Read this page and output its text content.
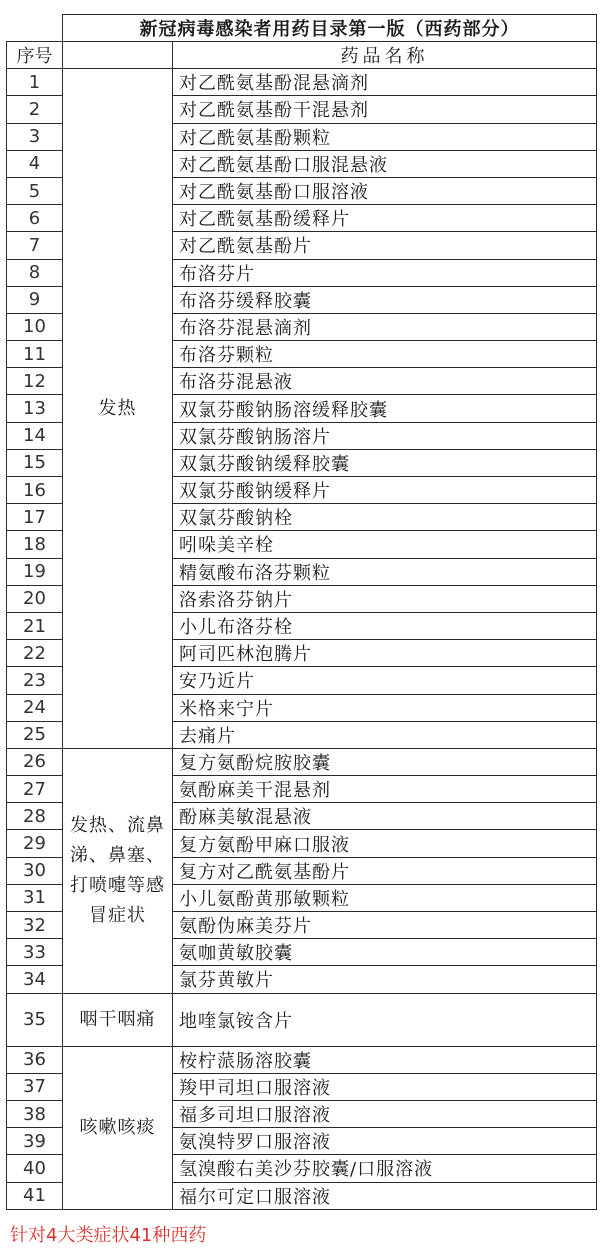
	新冠病毒感染者用药目录第一版（西药部分）	
序号		药品名称
1	发热	对乙酰氨基酚混悬滴剂
2		对乙酰氨基酚干混悬剂
3		对乙酰氨基酚颗粒
4		对乙酰氨基酚口服混悬液
5		对乙酰氨基酚口服溶液
6		对乙酰氨基酚缓释片
7		对乙酰氨基酚片
8		布洛芬片
9		布洛芬缓释胶囊
10		布洛芬混悬滴剂
11		布洛芬颗粒
12		布洛芬混悬液
13		双氯芬酸钠肠溶缓释胶囊
14		双氯芬酸钠肠溶片
15		双氯芬酸钠缓释胶囊
16		双氯芬酸钠缓释片
17		双氯芬酸钠栓
18		吲哚美辛栓
19		精氨酸布洛芬颗粒
20		洛索洛芬钠片
21		小儿布洛芬栓
22		阿司匹林泡腾片
23		安乃近片
24		米格来宁片
25		去痛片
26	发热、流鼻涕、鼻塞、打喷嚏等感冒症状	复方氨酚烷胺胶囊
27		氨酚麻美干混悬剂
28		酚麻美敏混悬液
29		复方氨酚甲麻口服液
30		复方对乙酰氨基酚片
31		小儿氨酚黄那敏颗粒
32		氨酚伪麻美芬片
33		氨咖黄敏胶囊
34		氯芬黄敏片
35	咽干咽痛	地喹氯铵含片
36	咳嗽咳痰	桉柠蒎肠溶胶囊
37		羧甲司坦口服溶液
38		福多司坦口服溶液
39		氨溴特罗口服溶液
40		氢溴酸右美沙芬胶囊/口服溶液
41		福尔可定口服溶液
针对4大类症状41种西药
